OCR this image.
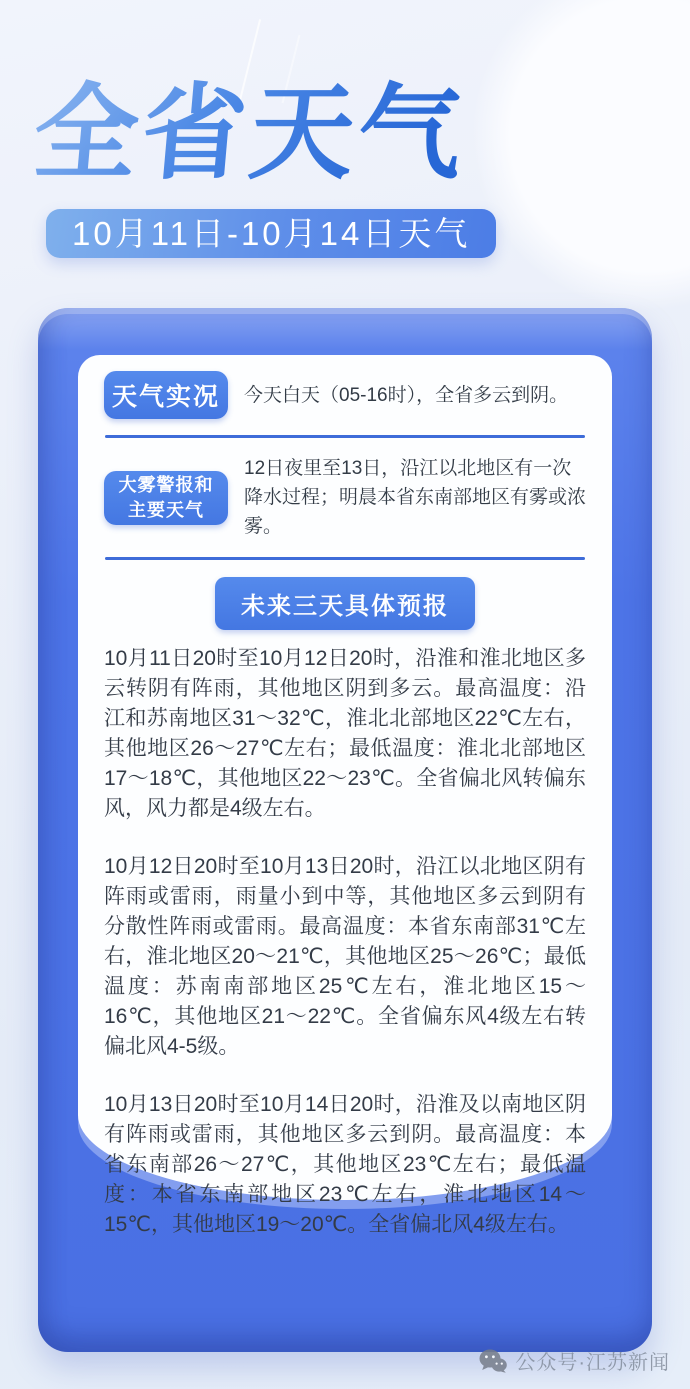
全省天气
10月11日-10月14日天气
天气实况 今天白天（05-16时），全省多云到阴。
大雾警报和
主要天气
12日夜里至13日，沿江以北地区有一次降水过程；明晨本省东南部地区有雾或浓雾。
未来三天具体预报

10月11日20时至10月12日20时，沿淮和淮北地区多云转阴有阵雨，其他地区阴到多云。最高温度：沿江和苏南地区31～32℃，淮北北部地区22℃左右，其他地区26～27℃左右；最低温度：淮北北部地区17～18℃，其他地区22～23℃。全省偏北风转偏东风，风力都是4级左右。

10月12日20时至10月13日20时，沿江以北地区阴有阵雨或雷雨，雨量小到中等，其他地区多云到阴有分散性阵雨或雷雨。最高温度：本省东南部31℃左右，淮北地区20～21℃，其他地区25～26℃；最低温度：苏南南部地区25℃左右，淮北地区15～16℃，其他地区21～22℃。全省偏东风4级左右转偏北风4-5级。

10月13日20时至10月14日20时，沿淮及以南地区阴有阵雨或雷雨，其他地区多云到阴。最高温度：本省东南部26～27℃，其他地区23℃左右；最低温度：本省东南部地区23℃左右，淮北地区14～15℃，其他地区19～20℃。全省偏北风4级左右。

公众号·江苏新闻
